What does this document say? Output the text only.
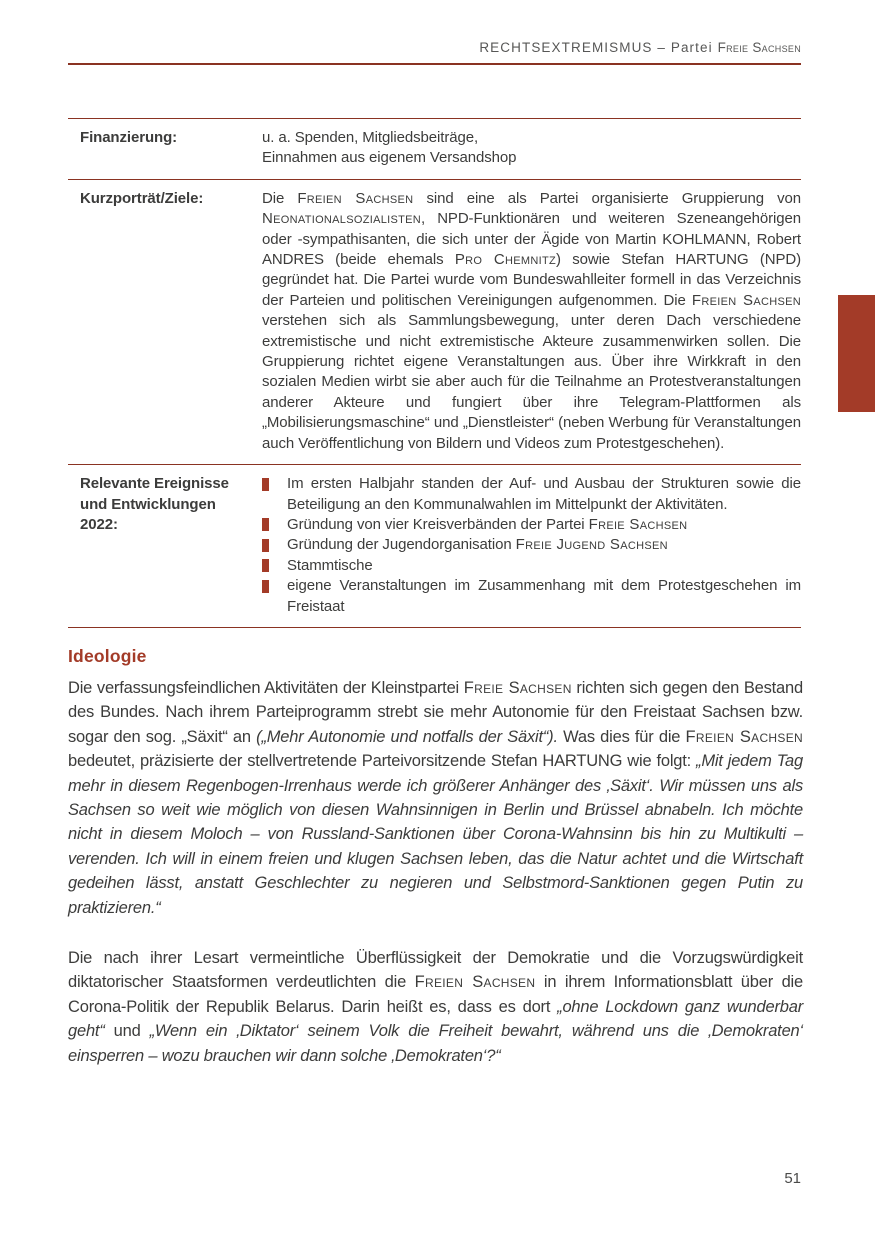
RECHTSEXTREMISMUS – Partei Freie Sachsen
Finanzierung:	u. a. Spenden, Mitgliedsbeiträge,
Einnahmen aus eigenem Versandshop
Kurzporträt/Ziele:	Die Freien Sachsen sind eine als Partei organisierte Gruppierung von Neonationalsozialisten, NPD-Funktionären und weiteren Szeneangehörigen oder -sympathisanten, die sich unter der Ägide von Martin KOHLMANN, Robert ANDRES (beide ehemals Pro Chemnitz) sowie Stefan HARTUNG (NPD) gegründet hat. Die Partei wurde vom Bundeswahlleiter formell in das Verzeichnis der Parteien und politischen Vereinigungen aufgenommen. Die Freien Sachsen verstehen sich als Sammlungsbewegung, unter deren Dach verschiedene extremistische und nicht extremistische Akteure zusammenwirken sollen. Die Gruppierung richtet eigene Veranstaltungen aus. Über ihre Wirkkraft in den sozialen Medien wirbt sie aber auch für die Teilnahme an Protestveranstaltungen anderer Akteure und fungiert über ihre Telegram-Plattformen als „Mobilisierungsmaschine“ und „Dienstleister“ (neben Werbung für Veranstaltungen auch Veröffentlichung von Bildern und Videos zum Protestgeschehen).
Relevante Ereignisse und Entwicklungen 2022:
Im ersten Halbjahr standen der Auf- und Ausbau der Strukturen sowie die Beteiligung an den Kommunalwahlen im Mittelpunkt der Aktivitäten.
Gründung von vier Kreisverbänden der Partei Freie Sachsen
Gründung der Jugendorganisation Freie Jugend Sachsen
Stammtische
eigene Veranstaltungen im Zusammenhang mit dem Protestgeschehen im Freistaat
Ideologie

Die verfassungsfeindlichen Aktivitäten der Kleinstpartei Freie Sachsen richten sich gegen den Bestand des Bundes. Nach ihrem Parteiprogramm strebt sie mehr Autonomie für den Freistaat Sachsen bzw. sogar den sog. „Säxit“ an („Mehr Autonomie und notfalls der Säxit“). Was dies für die Freien Sachsen bedeutet, präzisierte der stellvertretende Parteivorsitzende Stefan HARTUNG wie folgt: „Mit jedem Tag mehr in diesem Regenbogen-Irrenhaus werde ich größerer Anhänger des ‚Säxit‘. Wir müssen uns als Sachsen so weit wie möglich von diesen Wahnsinnigen in Berlin und Brüssel abnabeln. Ich möchte nicht in diesem Moloch – von Russland-Sanktionen über Corona-Wahnsinn bis hin zu Multikulti – verenden. Ich will in einem freien und klugen Sachsen leben, das die Natur achtet und die Wirtschaft gedeihen lässt, anstatt Geschlechter zu negieren und Selbstmord-Sanktionen gegen Putin zu praktizieren.“

Die nach ihrer Lesart vermeintliche Überflüssigkeit der Demokratie und die Vorzugswürdigkeit diktatorischer Staatsformen verdeutlichten die Freien Sachsen in ihrem Informationsblatt über die Corona-Politik der Republik Belarus. Darin heißt es, dass es dort „ohne Lockdown ganz wunderbar geht“ und „Wenn ein ‚Diktator‘ seinem Volk die Freiheit bewahrt, während uns die ‚Demokraten‘ einsperren – wozu brauchen wir dann solche ‚Demokraten‘?“

51
